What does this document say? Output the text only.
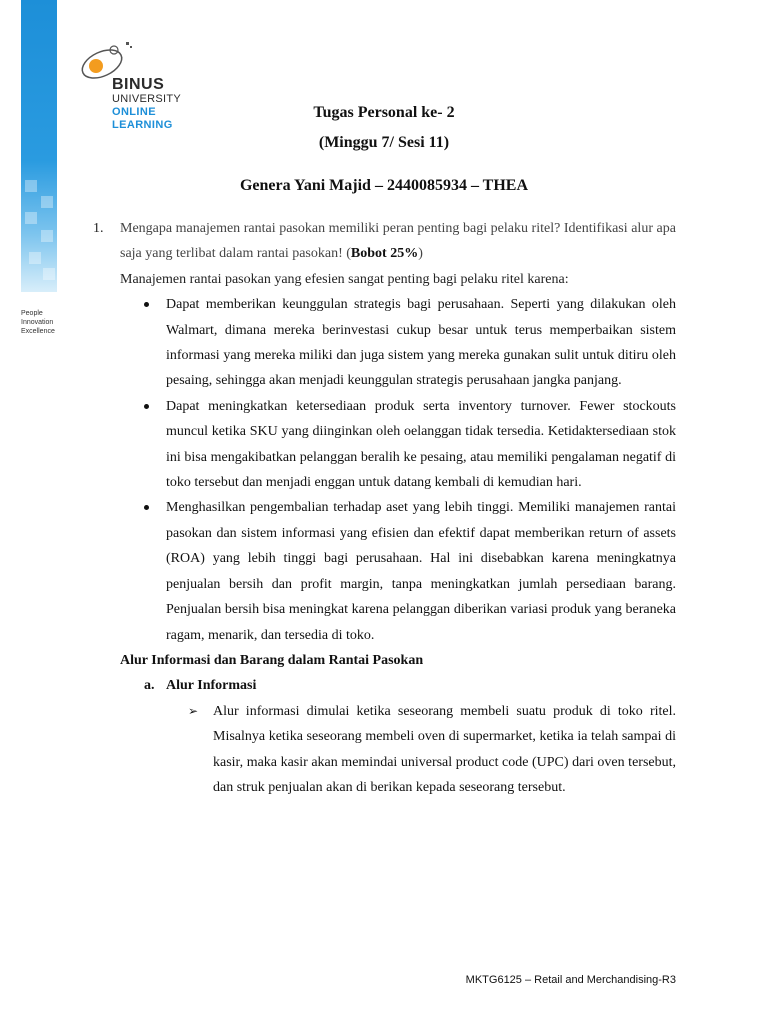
People
Innovation
Excellence
BINUS
UNIVERSITY
ONLINE
LEARNING
Tugas Personal ke- 2
(Minggu 7/ Sesi 11)
Genera Yani Majid – 2440085934 – THEA
1.	Mengapa manajemen rantai pasokan memiliki peran penting bagi pelaku ritel? Identifikasi alur apa saja yang terlibat dalam rantai pasokan! (Bobot 25%)
Manajemen rantai pasokan yang efesien sangat penting bagi pelaku ritel karena:
Dapat memberikan keunggulan strategis bagi perusahaan. Seperti yang dilakukan oleh Walmart, dimana mereka berinvestasi cukup besar untuk terus memperbaikan sistem informasi yang mereka miliki dan juga sistem yang mereka gunakan sulit untuk ditiru oleh pesaing, sehingga akan menjadi keunggulan strategis perusahaan jangka panjang.
Dapat meningkatkan ketersediaan produk serta inventory turnover. Fewer stockouts muncul ketika SKU yang diinginkan oleh oelanggan tidak tersedia. Ketidaktersediaan stok ini bisa mengakibatkan pelanggan beralih ke pesaing, atau memiliki pengalaman negatif di toko tersebut dan menjadi enggan untuk datang kembali di kemudian hari.
Menghasilkan pengembalian terhadap aset yang lebih tinggi. Memiliki manajemen rantai pasokan dan sistem informasi yang efisien dan efektif dapat memberikan return of assets (ROA) yang lebih tinggi bagi perusahaan. Hal ini disebabkan karena meningkatnya penjualan bersih dan profit margin, tanpa meningkatkan jumlah persediaan barang. Penjualan bersih bisa meningkat karena pelanggan diberikan variasi produk yang beraneka ragam, menarik, dan tersedia di toko.
Alur Informasi dan Barang dalam Rantai Pasokan
a. Alur Informasi
➢ Alur informasi dimulai ketika seseorang membeli suatu produk di toko ritel. Misalnya ketika seseorang membeli oven di supermarket, ketika ia telah sampai di kasir, maka kasir akan memindai universal product code (UPC) dari oven tersebut, dan struk penjualan akan di berikan kepada seseorang tersebut.
MKTG6125 – Retail and Merchandising-R3
